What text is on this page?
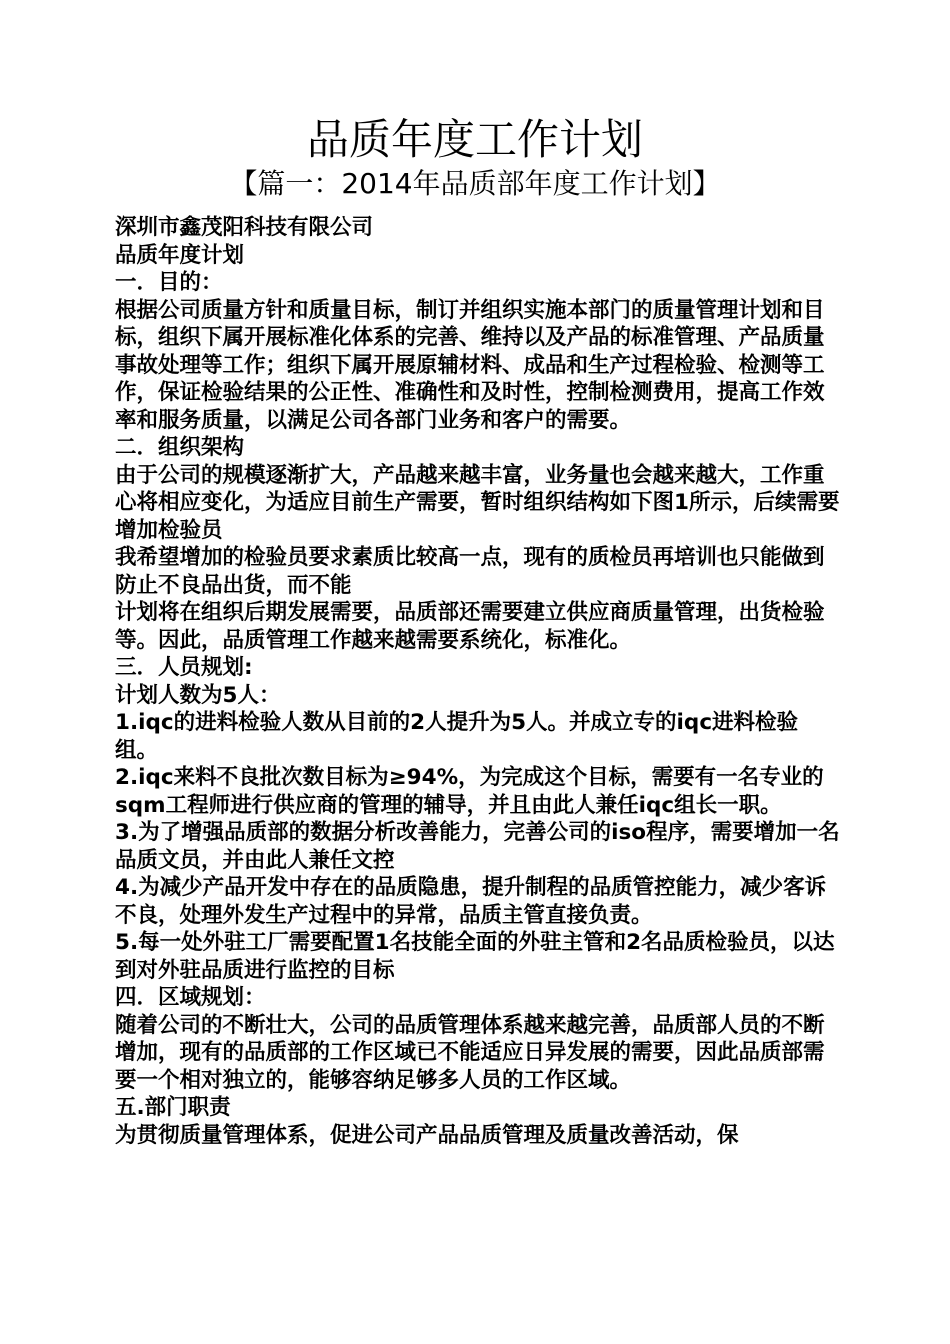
品质年度工作计划
【篇一：2014年品质部年度工作计划】

深圳市鑫茂阳科技有限公司

品质年度计划

一．目的：

根据公司质量方针和质量目标，制订并组织实施本部门的质量管理计划和目标，组织下属开展标准化体系的完善、维持以及产品的标准管理、产品质量事故处理等工作；组织下属开展原辅材料、成品和生产过程检验、检测等工作，保证检验结果的公正性、准确性和及时性，控制检测费用，提高工作效率和服务质量，以满足公司各部门业务和客户的需要。

二．组织架构

由于公司的规模逐渐扩大，产品越来越丰富，业务量也会越来越大，工作重心将相应变化，为适应目前生产需要，暂时组织结构如下图1所示，后续需要增加检验员

我希望增加的检验员要求素质比较高一点，现有的质检员再培训也只能做到防止不良品出货，而不能

计划将在组织后期发展需要，品质部还需要建立供应商质量管理，出货检验等。因此，品质管理工作越来越需要系统化，标准化。

三．人员规划:

计划人数为5人：

1.iqc的进料检验人数从目前的2人提升为5人。并成立专的iqc进料检验组。

2.iqc来料不良批次数目标为≥94%，为完成这个目标，需要有一名专业的sqm工程师进行供应商的管理的辅导，并且由此人兼任iqc组长一职。

3.为了增强品质部的数据分析改善能力，完善公司的iso程序，需要增加一名品质文员，并由此人兼任文控

4.为减少产品开发中存在的品质隐患，提升制程的品质管控能力，减少客诉不良，处理外发生产过程中的异常，品质主管直接负责。

5.每一处外驻工厂需要配置1名技能全面的外驻主管和2名品质检验员，以达到对外驻品质进行监控的目标

四．区域规划：

随着公司的不断壮大，公司的品质管理体系越来越完善，品质部人员的不断增加，现有的品质部的工作区域已不能适应日异发展的需要，因此品质部需要一个相对独立的，能够容纳足够多人员的工作区域。

五.部门职责

为贯彻质量管理体系，促进公司产品品质管理及质量改善活动，保
